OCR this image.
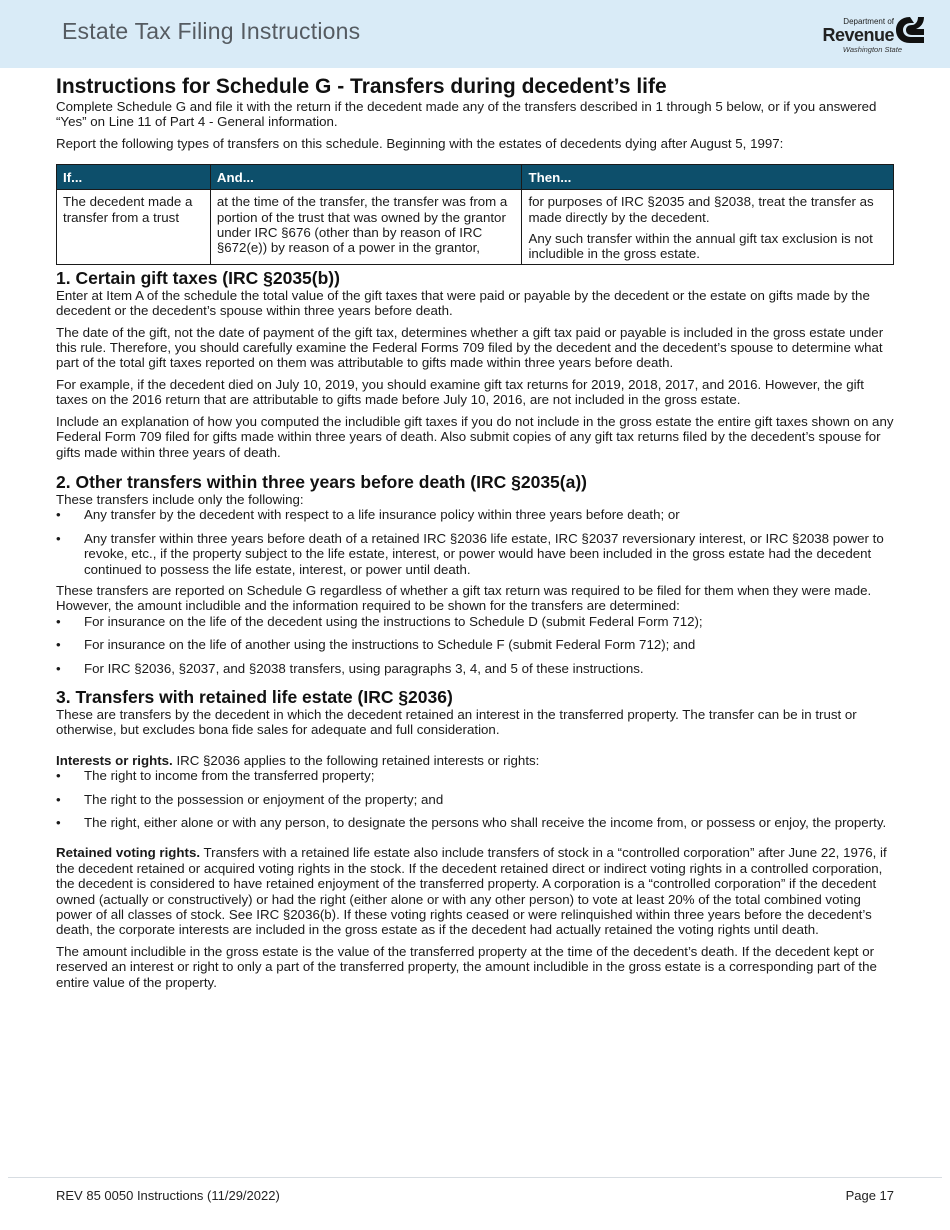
Estate Tax Filing Instructions	Department of
Revenue
Washington State
Instructions for Schedule G - Transfers during decedent’s life

Complete Schedule G and file it with the return if the decedent made any of the transfers described in 1 through 5 below, or if you answered “Yes” on Line 11 of Part 4 - General information.

Report the following types of transfers on this schedule. Beginning with the estates of decedents dying after August 5, 1997:

If...	And...	Then...
The decedent made a transfer from a trust	at the time of the transfer, the transfer was from a portion of the trust that was owned by the grantor under IRC §676 (other than by reason of IRC §672(e)) by reason of a power in the grantor,	for purposes of IRC §2035 and §2038, treat the transfer as made directly by the decedent.

Any such transfer within the annual gift tax exclusion is not includible in the gross estate.

1. Certain gift taxes (IRC §2035(b))

Enter at Item A of the schedule the total value of the gift taxes that were paid or payable by the decedent or the estate on gifts made by the decedent or the decedent’s spouse within three years before death.

The date of the gift, not the date of payment of the gift tax, determines whether a gift tax paid or payable is included in the gross estate under this rule. Therefore, you should carefully examine the Federal Forms 709 filed by the decedent and the decedent’s spouse to determine what part of the total gift taxes reported on them was attributable to gifts made within three years before death.

For example, if the decedent died on July 10, 2019, you should examine gift tax returns for 2019, 2018, 2017, and 2016. However, the gift taxes on the 2016 return that are attributable to gifts made before July 10, 2016, are not included in the gross estate.

Include an explanation of how you computed the includible gift taxes if you do not include in the gross estate the entire gift taxes shown on any Federal Form 709 filed for gifts made within three years of death. Also submit copies of any gift tax returns filed by the decedent’s spouse for gifts made within three years of death.

2. Other transfers within three years before death (IRC §2035(a))

These transfers include only the following:

• Any transfer by the decedent with respect to a life insurance policy within three years before death; or
• Any transfer within three years before death of a retained IRC §2036 life estate, IRC §2037 reversionary interest, or IRC §2038 power to revoke, etc., if the property subject to the life estate, interest, or power would have been included in the gross estate had the decedent continued to possess the life estate, interest, or power until death.

These transfers are reported on Schedule G regardless of whether a gift tax return was required to be filed for them when they were made. However, the amount includible and the information required to be shown for the transfers are determined:

• For insurance on the life of the decedent using the instructions to Schedule D (submit Federal Form 712);
• For insurance on the life of another using the instructions to Schedule F (submit Federal Form 712); and
• For IRC §2036, §2037, and §2038 transfers, using paragraphs 3, 4, and 5 of these instructions.
3. Transfers with retained life estate (IRC §2036)

These are transfers by the decedent in which the decedent retained an interest in the transferred property. The transfer can be in trust or otherwise, but excludes bona fide sales for adequate and full consideration.

Interests or rights. IRC §2036 applies to the following retained interests or rights:

• The right to income from the transferred property;
• The right to the possession or enjoyment of the property; and
• The right, either alone or with any person, to designate the persons who shall receive the income from, or possess or enjoy, the property.

Retained voting rights. Transfers with a retained life estate also include transfers of stock in a “controlled corporation” after June 22, 1976, if the decedent retained or acquired voting rights in the stock. If the decedent retained direct or indirect voting rights in a controlled corporation, the decedent is considered to have retained enjoyment of the transferred property. A corporation is a “controlled corporation” if the decedent owned (actually or constructively) or had the right (either alone or with any other person) to vote at least 20% of the total combined voting power of all classes of stock. See IRC §2036(b). If these voting rights ceased or were relinquished within three years before the decedent’s death, the corporate interests are included in the gross estate as if the decedent had actually retained the voting rights until death.

The amount includible in the gross estate is the value of the transferred property at the time of the decedent’s death. If the decedent kept or reserved an interest or right to only a part of the transferred property, the amount includible in the gross estate is a corresponding part of the entire value of the property.

REV 85 0050 Instructions (11/29/2022)	Page 17
